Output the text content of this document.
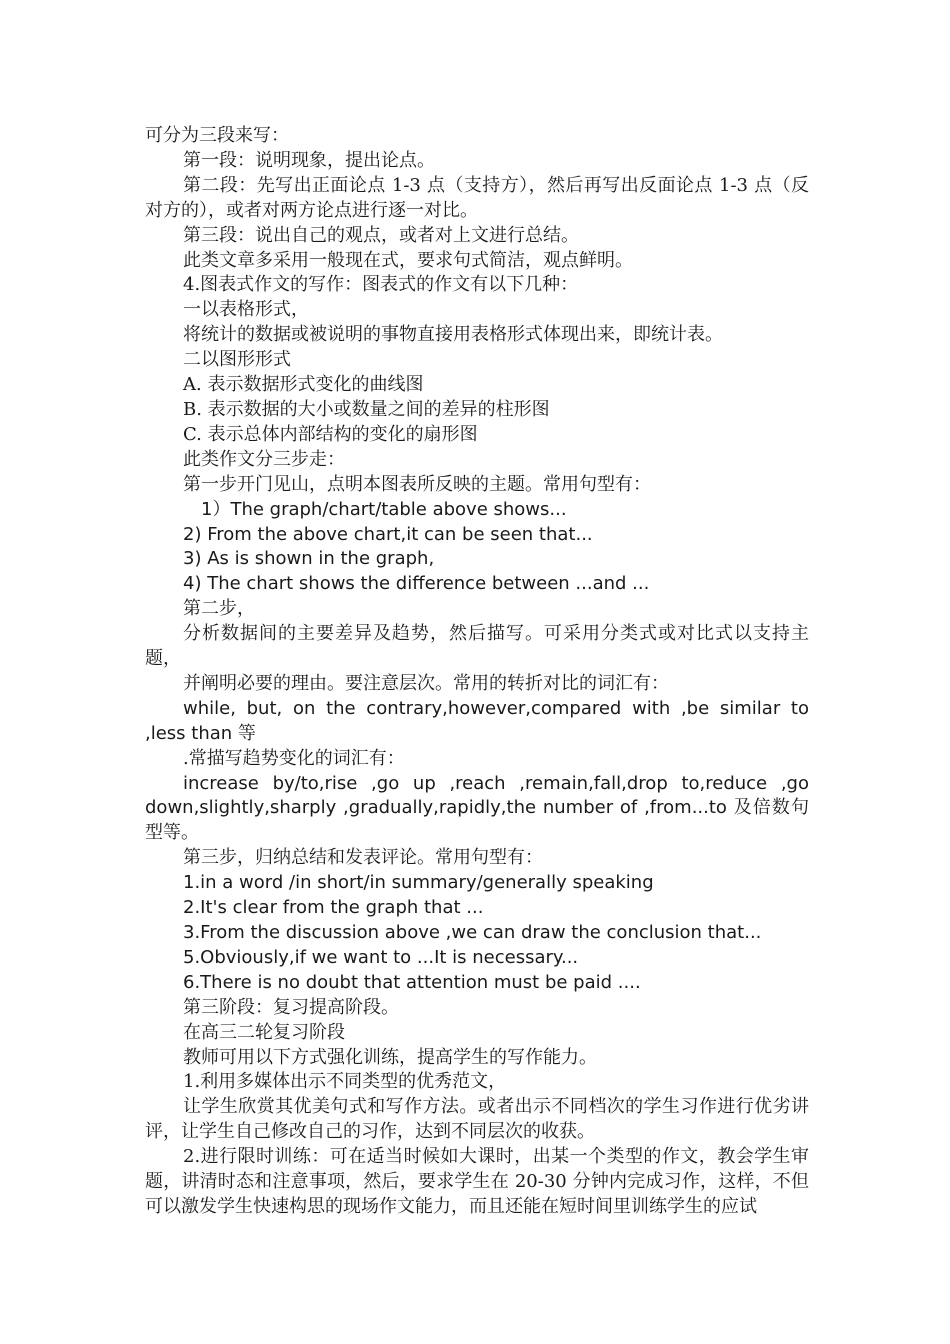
可分为三段来写：

第一段：说明现象，提出论点。

第二段：先写出正面论点 1-3 点（支持方），然后再写出反面论点 1-3 点（反对方的），或者对两方论点进行逐一对比。

第三段：说出自己的观点，或者对上文进行总结。

此类文章多采用一般现在式，要求句式简洁，观点鲜明。

4.图表式作文的写作：图表式的作文有以下几种：

一以表格形式，

将统计的数据或被说明的事物直接用表格形式体现出来，即统计表。

二以图形形式

A. 表示数据形式变化的曲线图

B. 表示数据的大小或数量之间的差异的柱形图

C. 表示总体内部结构的变化的扇形图

此类作文分三步走：

第一步开门见山，点明本图表所反映的主题。常用句型有：

1）The graph/chart/table above shows...

2) From the above chart,it can be seen that...

3) As is shown in the graph,

4) The chart shows the difference between ...and ...

第二步，

分析数据间的主要差异及趋势，然后描写。可采用分类式或对比式以支持主题，

并阐明必要的理由。要注意层次。常用的转折对比的词汇有：

while, but, on the contrary,however,compared with ,be similar to ,less than 等

.常描写趋势变化的词汇有：

increase by/to,rise ,go up ,reach ,remain,fall,drop to,reduce ,go down,slightly,sharply ,gradually,rapidly,the number of ,from...to 及倍数句型等。

第三步，归纳总结和发表评论。常用句型有：

1.in a word /in short/in summary/generally speaking

2.It's clear from the graph that ...

3.From the discussion above ,we can draw the conclusion that...

5.Obviously,if we want to ...It is necessary...

6.There is no doubt that attention must be paid ....

第三阶段：复习提高阶段。

在高三二轮复习阶段

教师可用以下方式强化训练，提高学生的写作能力。

1.利用多媒体出示不同类型的优秀范文，

让学生欣赏其优美句式和写作方法。或者出示不同档次的学生习作进行优劣讲评，让学生自己修改自己的习作，达到不同层次的收获。

2.进行限时训练：可在适当时候如大课时，出某一个类型的作文，教会学生审题，讲清时态和注意事项，然后，要求学生在 20-30 分钟内完成习作，这样，不但可以激发学生快速构思的现场作文能力，而且还能在短时间里训练学生的应试
